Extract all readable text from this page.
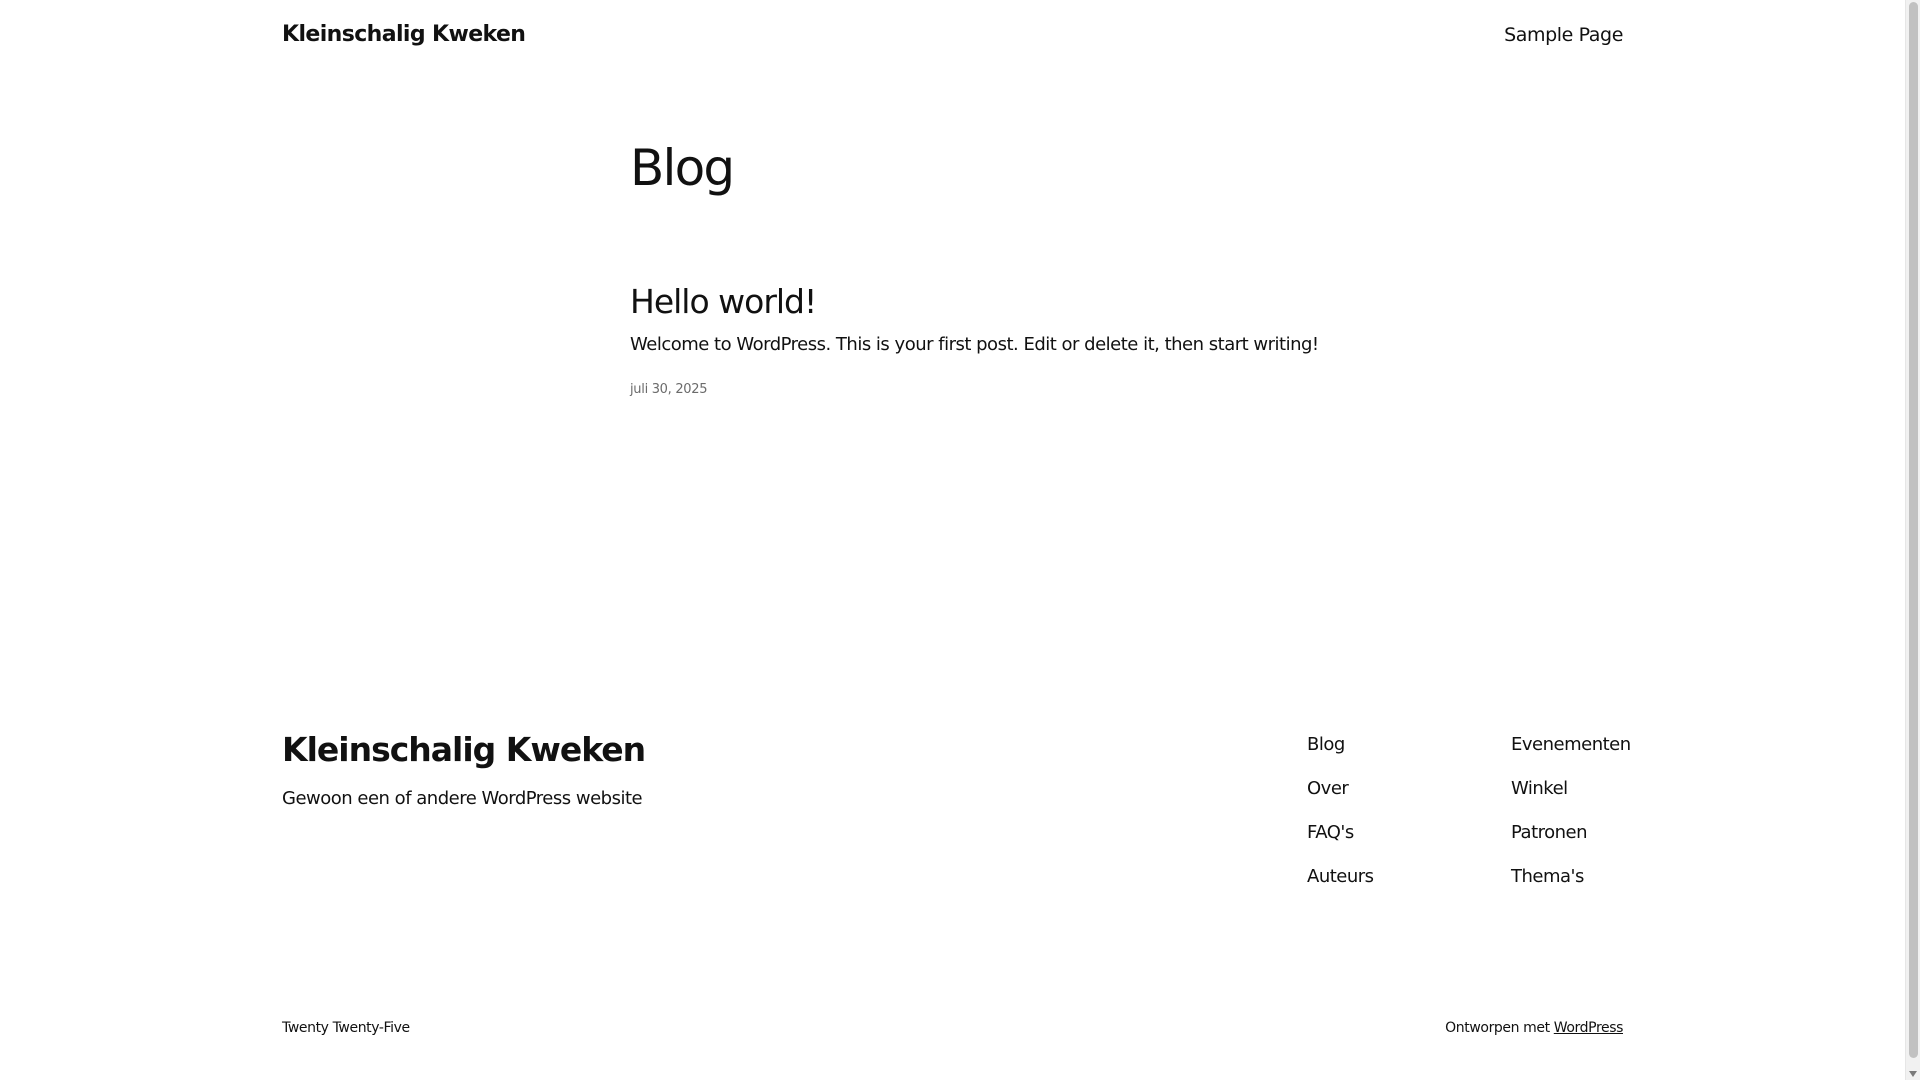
Kleinschalig Kweken	Sample Page
Blog
Hello world!

Welcome to WordPress. This is your first post. Edit or delete it, then start writing!

juli 30, 2025
Kleinschalig Kweken

Gewoon een of andere WordPress website

Blog
Over
FAQ's
Auteurs
Evenementen
Winkel
Patronen
Thema's

Twenty Twenty-Five	Ontworpen met WordPress
